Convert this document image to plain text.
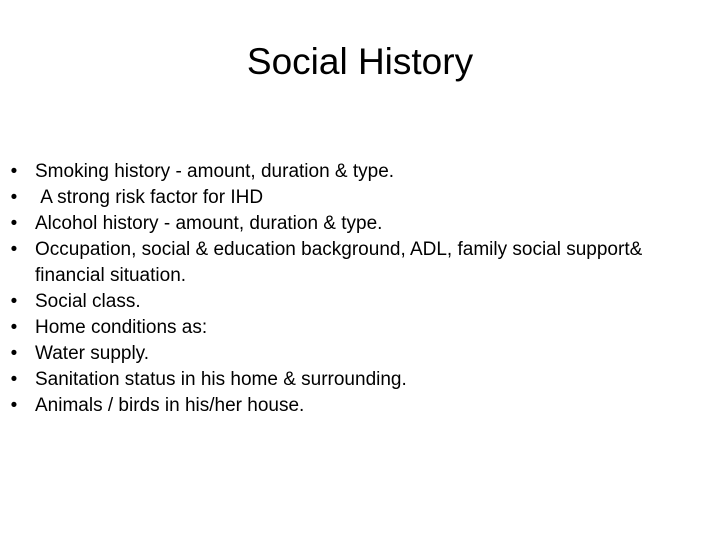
Social History
• Smoking history - amount, duration & type.
• A strong risk factor for IHD
• Alcohol history - amount, duration & type.
• Occupation, social & education background, ADL, family social support& financial situation.
• Social class.
• Home conditions as:
• Water supply.
• Sanitation status in his home & surrounding.
• Animals / birds in his/her house.
